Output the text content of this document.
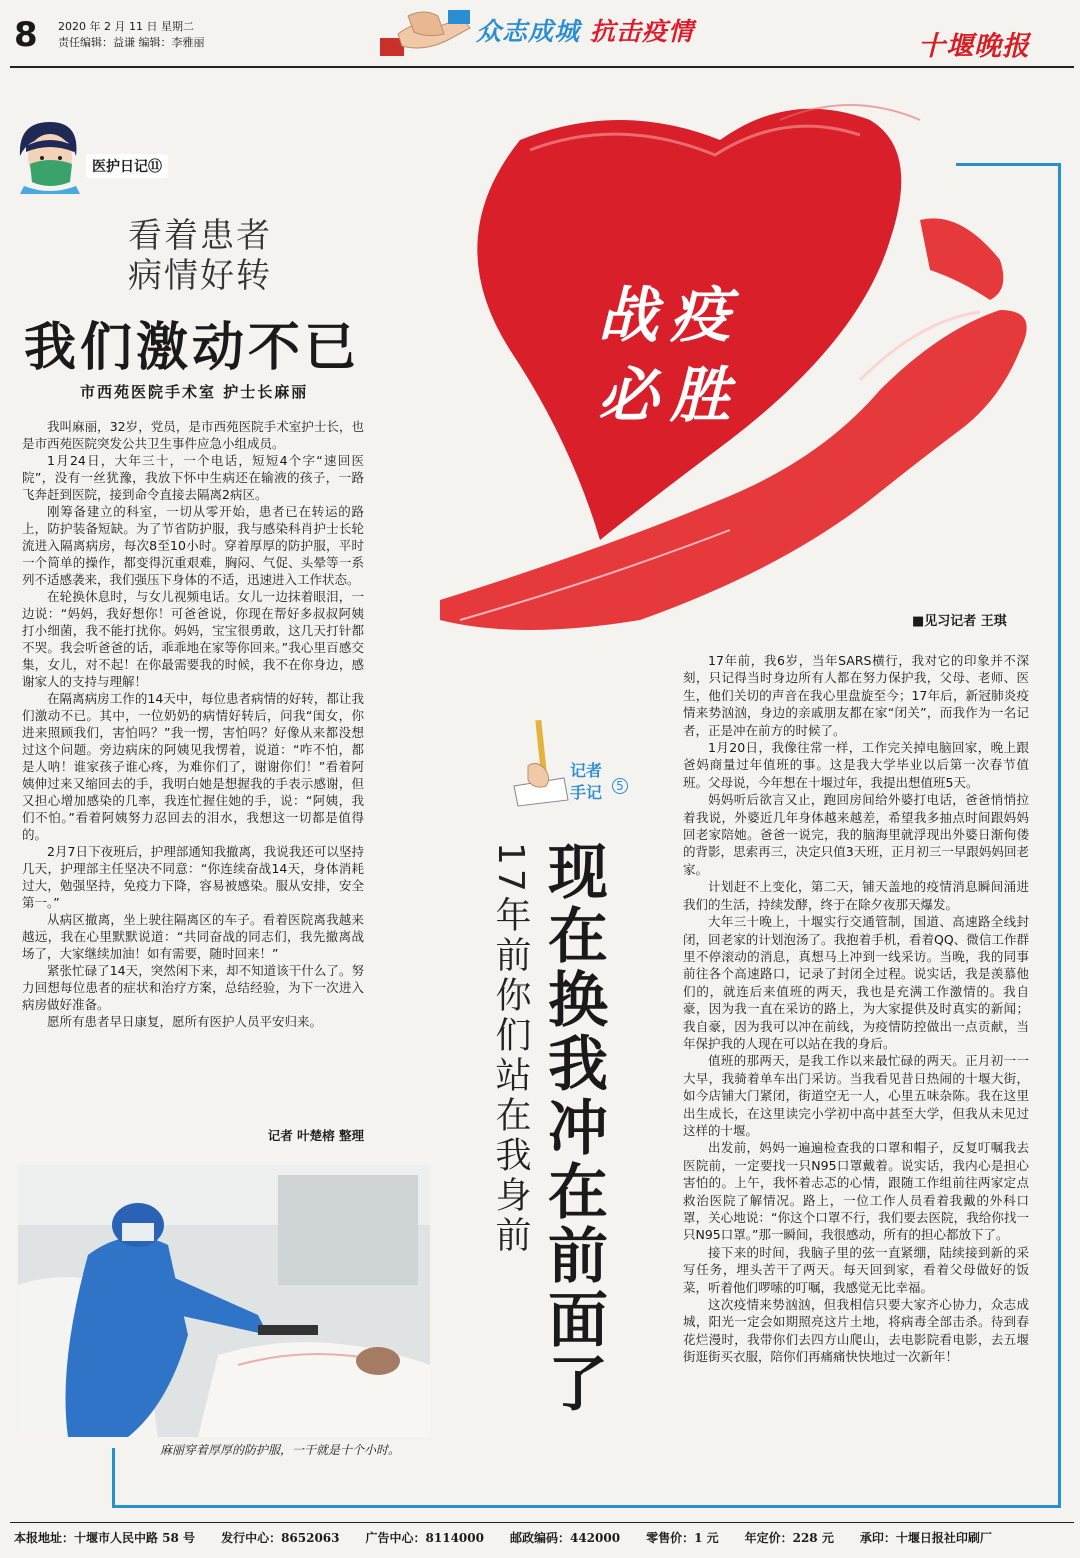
8 2020 年 2 月 11 日 星期二
责任编辑：益谦 编辑：李雅丽	众志成城 抗击疫情	十堰晚报
医护日记⑪
看着患者
病情好转
我们激动不已
市西苑医院手术室 护士长麻丽

我叫麻丽，32岁，党员，是市西苑医院手术室护士长，也是市西苑医院突发公共卫生事件应急小组成员。

1月24日，大年三十，一个电话，短短4个字“速回医院”，没有一丝犹豫，我放下怀中生病还在输液的孩子，一路飞奔赶到医院，接到命令直接去隔离2病区。

刚筹备建立的科室，一切从零开始，患者已在转运的路上，防护装备短缺。为了节省防护服，我与感染科肖护士长轮流进入隔离病房，每次8至10小时。穿着厚厚的防护服，平时一个简单的操作，都变得沉重艰难，胸闷、气促、头晕等一系列不适感袭来，我们强压下身体的不适，迅速进入工作状态。

在轮换休息时，与女儿视频电话。女儿一边抹着眼泪，一边说：“妈妈，我好想你！可爸爸说，你现在帮好多叔叔阿姨打小细菌，我不能打扰你。妈妈，宝宝很勇敢，这几天打针都不哭。我会听爸爸的话，乖乖地在家等你回来。”我心里百感交集，女儿，对不起！在你最需要我的时候，我不在你身边，感谢家人的支持与理解！

在隔离病房工作的14天中，每位患者病情的好转，都让我们激动不已。其中，一位奶奶的病情好转后，问我“闺女，你进来照顾我们，害怕吗？”我一愣，害怕吗？好像从来都没想过这个问题。旁边病床的阿姨见我愣着，说道：“咋不怕，都是人呐！谁家孩子谁心疼，为难你们了，谢谢你们！”看着阿姨伸过来又缩回去的手，我明白她是想握我的手表示感谢，但又担心增加感染的几率，我连忙握住她的手，说：“阿姨，我们不怕。”看着阿姨努力忍回去的泪水，我想这一切都是值得的。

2月7日下夜班后，护理部通知我撤离，我说我还可以坚持几天，护理部主任坚决不同意：“你连续奋战14天，身体消耗过大，勉强坚持，免疫力下降，容易被感染。服从安排，安全第一。”

从病区撤离，坐上驶往隔离区的车子。看着医院离我越来越远，我在心里默默说道：“共同奋战的同志们，我先撤离战场了，大家继续加油！如有需要，随时回来！”

紧张忙碌了14天，突然闲下来，却不知道该干什么了。努力回想每位患者的症状和治疗方案，总结经验，为下一次进入病房做好准备。

愿所有患者早日康复，愿所有医护人员平安归来。

记者 叶楚榕 整理
麻丽穿着厚厚的防护服，一干就是十个小时。
战 疫
必 胜
■见习记者 王琪
记者
手记	5
现在换我冲在前面了
17年前你们站在我身前

17年前，我6岁，当年SARS横行，我对它的印象并不深刻，只记得当时身边所有人都在努力保护我，父母、老师、医生，他们关切的声音在我心里盘旋至今；17年后，新冠肺炎疫情来势汹汹，身边的亲戚朋友都在家“闭关”，而我作为一名记者，正是冲在前方的时候了。

1月20日，我像往常一样，工作完关掉电脑回家，晚上跟爸妈商量过年值班的事。这是我大学毕业以后第一次春节值班。父母说，今年想在十堰过年，我提出想值班5天。

妈妈听后欲言又止，跑回房间给外婆打电话，爸爸悄悄拉着我说，外婆近几年身体越来越差，希望我多抽点时间跟妈妈回老家陪她。爸爸一说完，我的脑海里就浮现出外婆日渐佝偻的背影，思索再三，决定只值3天班，正月初三一早跟妈妈回老家。

计划赶不上变化，第二天，铺天盖地的疫情消息瞬间涌进我们的生活，持续发酵，终于在除夕夜那天爆发。

大年三十晚上，十堰实行交通管制，国道、高速路全线封闭，回老家的计划泡汤了。我抱着手机，看着QQ、微信工作群里不停滚动的消息，真想马上冲到一线采访。当晚，我的同事前往各个高速路口，记录了封闭全过程。说实话，我是羡慕他们的，就连后来值班的两天，我也是充满工作激情的。我自豪，因为我一直在采访的路上，为大家提供及时真实的新闻；我自豪，因为我可以冲在前线，为疫情防控做出一点贡献，当年保护我的人现在可以站在我的身后。

值班的那两天，是我工作以来最忙碌的两天。正月初一一大早，我骑着单车出门采访。当我看见昔日热闹的十堰大街，如今店铺大门紧闭，街道空无一人，心里五味杂陈。我在这里出生成长，在这里读完小学初中高中甚至大学，但我从未见过这样的十堰。

出发前，妈妈一遍遍检查我的口罩和帽子，反复叮嘱我去医院前，一定要找一只N95口罩戴着。说实话，我内心是担心害怕的。上午，我怀着忐忑的心情，跟随工作组前往两家定点救治医院了解情况。路上，一位工作人员看着我戴的外科口罩，关心地说：“你这个口罩不行，我们要去医院，我给你找一只N95口罩。”那一瞬间，我很感动，所有的担心都放下了。

接下来的时间，我脑子里的弦一直紧绷，陆续接到新的采写任务，埋头苦干了两天。每天回到家，看着父母做好的饭菜，听着他们啰嗦的叮嘱，我感觉无比幸福。

这次疫情来势汹汹，但我相信只要大家齐心协力，众志成城，阳光一定会如期照亮这片土地，将病毒全部击杀。待到春花烂漫时，我带你们去四方山爬山，去电影院看电影，去五堰街逛街买衣服，陪你们再痛痛快快地过一次新年！

本报地址：十堰市人民中路 58 号 发行中心：8652063 广告中心：8114000 邮政编码：442000 零售价：1 元 年定价：228 元 承印：十堰日报社印刷厂
